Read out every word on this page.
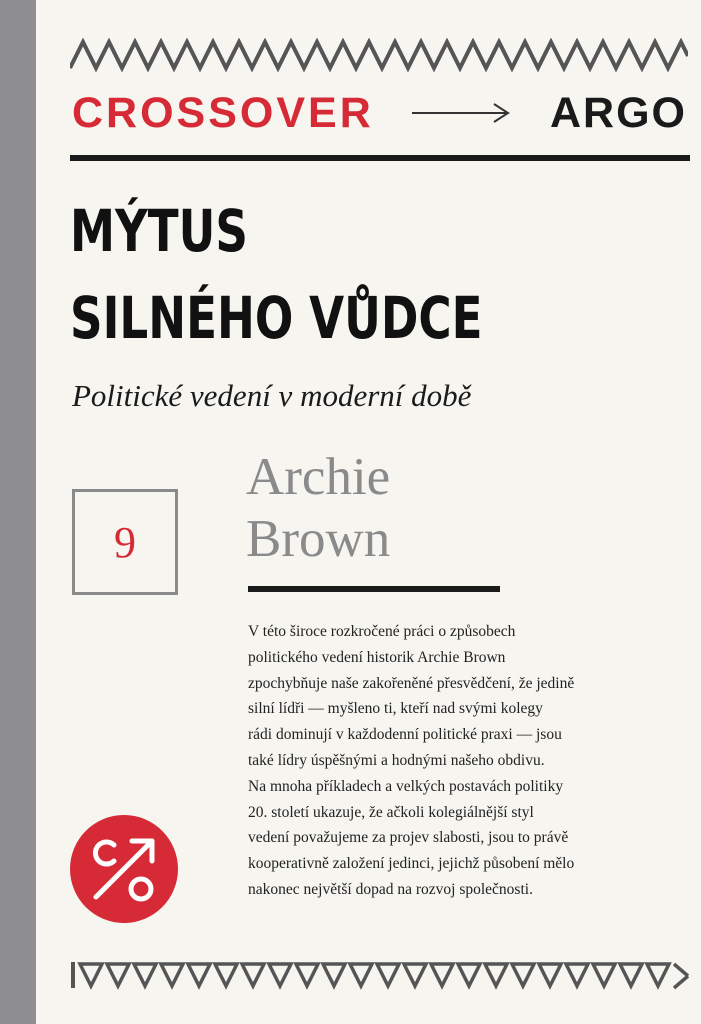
CROSSOVER	ARGO
MÝTUS
SILNÉHO VŮDCE
Politické vedení v moderní době
Archie
Brown
9
V této široce rozkročené práci o způsobech
politického vedení historik Archie Brown
zpochybňuje naše zakořeněné přesvědčení, že jedině
silní lídři — myšleno ti, kteří nad svými kolegy
rádi dominují v každodenní politické praxi — jsou
také lídry úspěšnými a hodnými našeho obdivu.
Na mnoha příkladech a velkých postavách politiky
20. století ukazuje, že ačkoli kolegiálnější styl
vedení považujeme za projev slabosti, jsou to právě
kooperativně založení jedinci, jejichž působení mělo
nakonec největší dopad na rozvoj společnosti.
